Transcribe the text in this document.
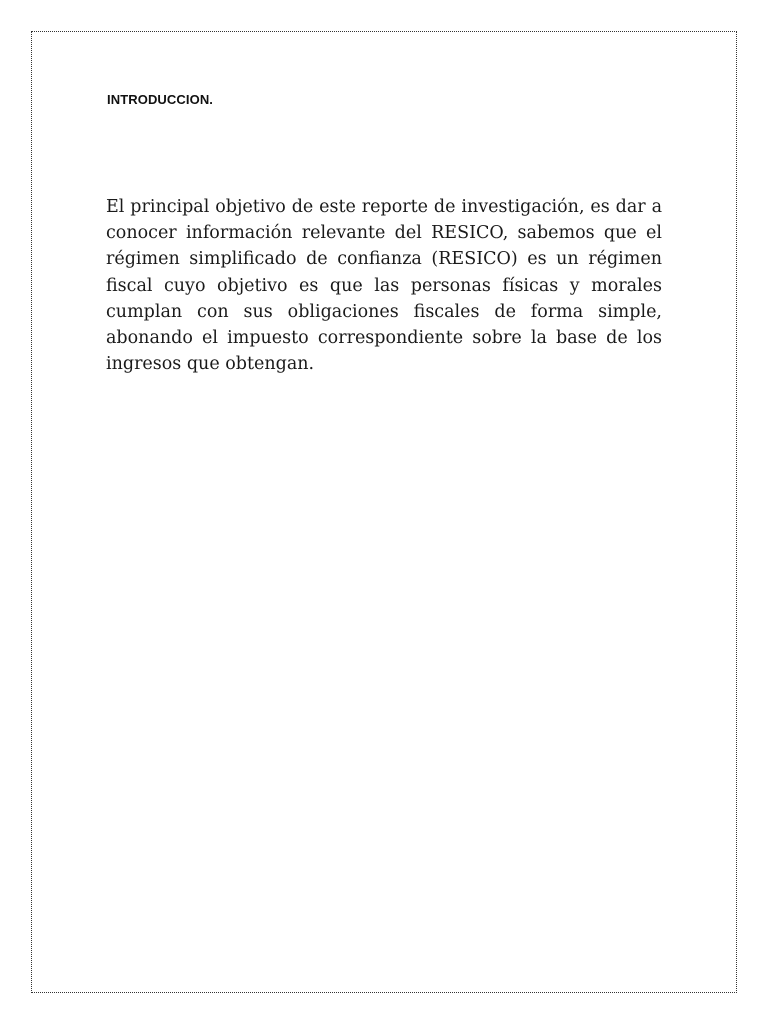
INTRODUCCION.

El principal objetivo de este reporte de investigación, es dar a conocer información relevante del RESICO, sabemos que el régimen simplificado de confianza (RESICO) es un régimen fiscal cuyo objetivo es que las personas físicas y morales cumplan con sus obligaciones fiscales de forma simple, abonando el impuesto correspondiente sobre la base de los ingresos que obtengan.
